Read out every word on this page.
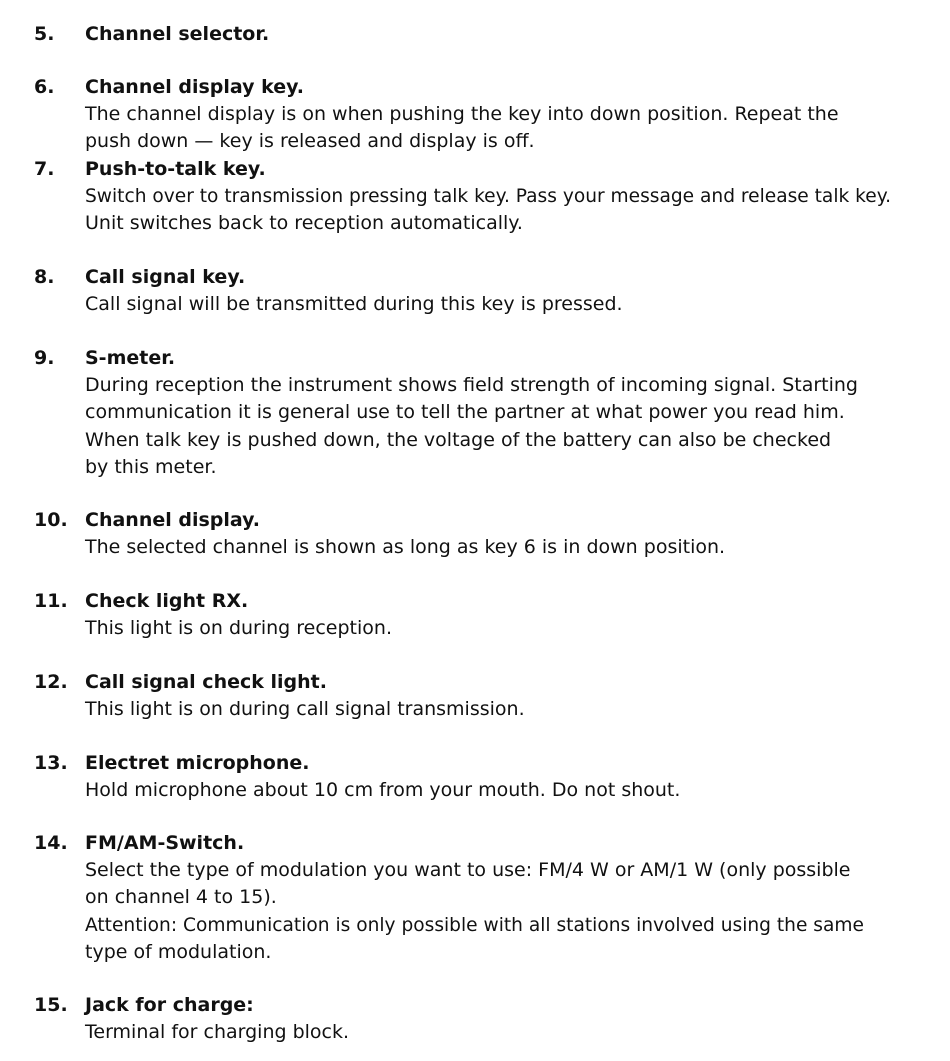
5.	Channel selector.
6.	Channel display key.
The channel display is on when pushing the key into down position. Repeat the
push down — key is released and display is off.
7.	Push-to-talk key.
Switch over to transmission pressing talk key. Pass your message and release talk key.
Unit switches back to reception automatically.
8.	Call signal key.
Call signal will be transmitted during this key is pressed.
9.	S-meter.
During reception the instrument shows field strength of incoming signal. Starting
communication it is general use to tell the partner at what power you read him.
When talk key is pushed down, the voltage of the battery can also be checked
by this meter.
10. Channel display.
The selected channel is shown as long as key 6 is in down position.
11. Check light RX.
This light is on during reception.
12. Call signal check light.
This light is on during call signal transmission.
13. Electret microphone.
Hold microphone about 10 cm from your mouth. Do not shout.
14. FM/AM-Switch.
Select the type of modulation you want to use: FM/4 W or AM/1 W (only possible
on channel 4 to 15).
Attention: Communication is only possible with all stations involved using the same
type of modulation.
15. Jack for charge:
Terminal for charging block.
